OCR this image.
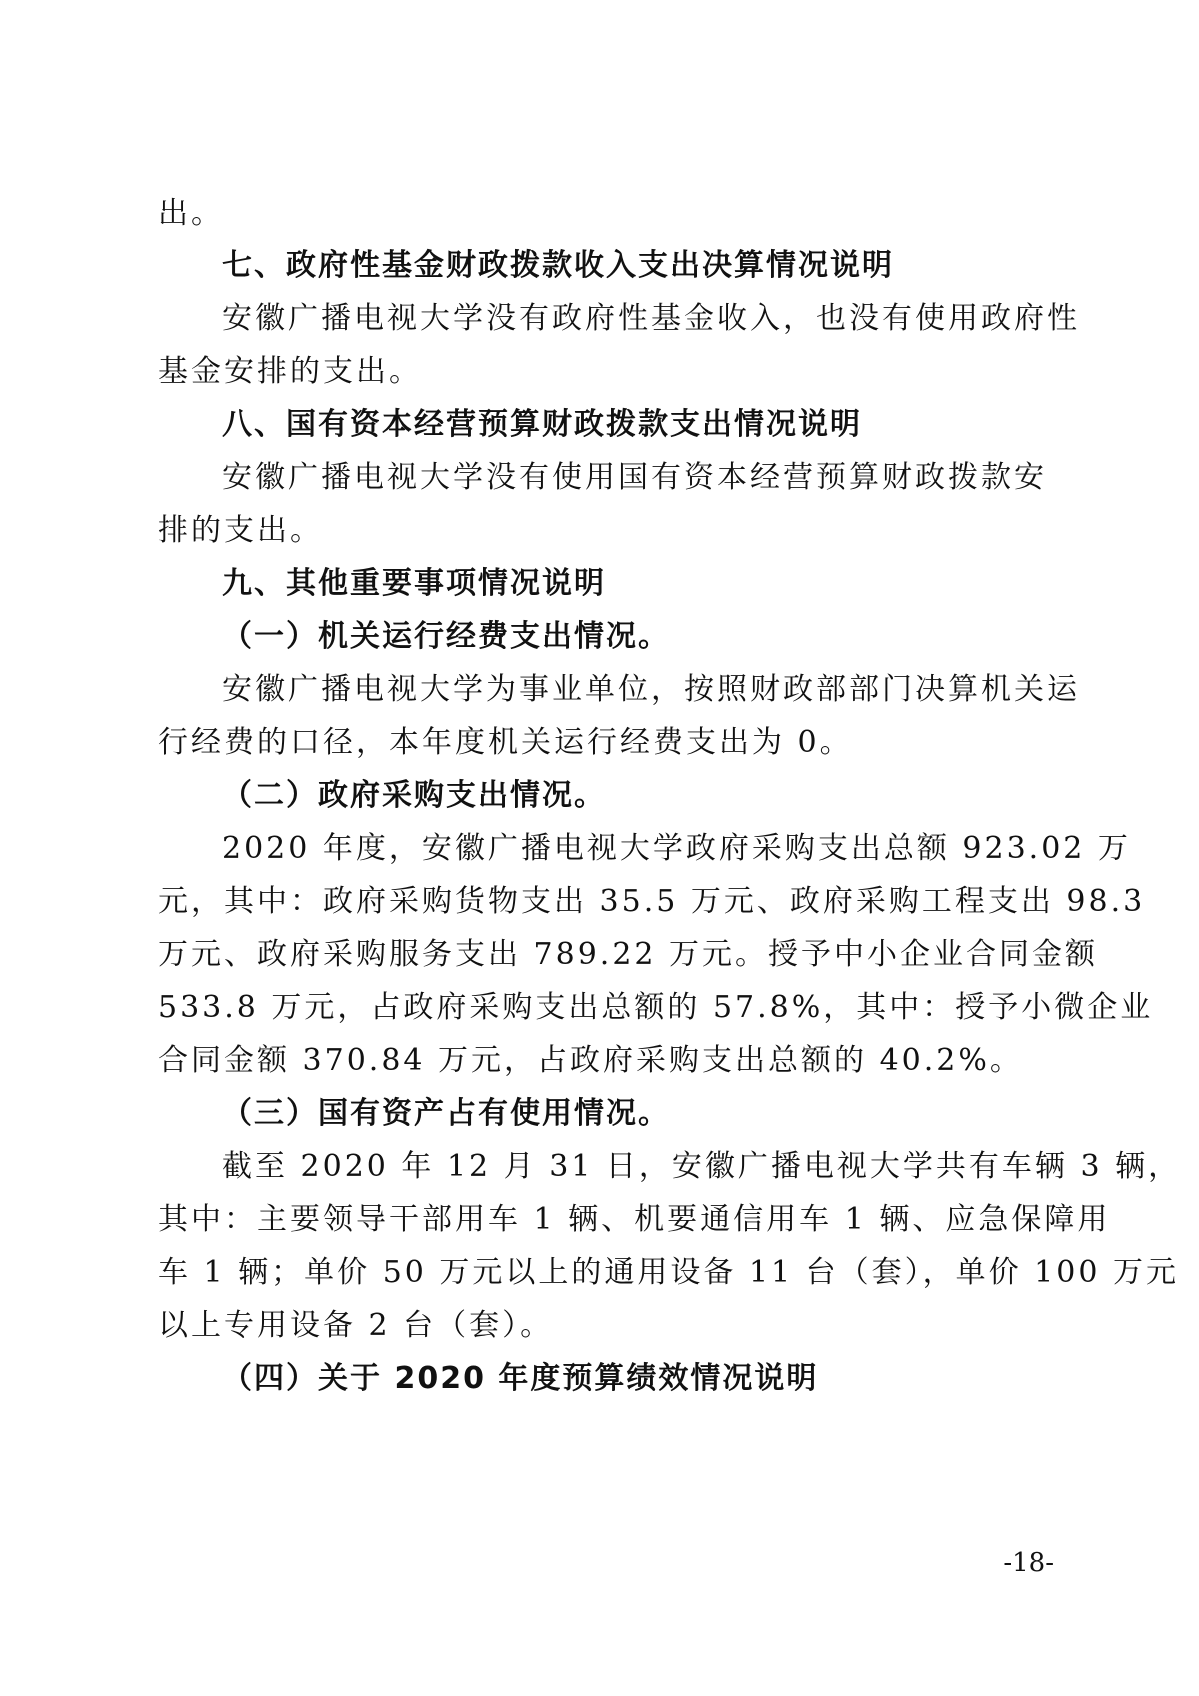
出。
七、政府性基金财政拨款收入支出决算情况说明
安徽广播电视大学没有政府性基金收入，也没有使用政府性
基金安排的支出。
八、国有资本经营预算财政拨款支出情况说明
安徽广播电视大学没有使用国有资本经营预算财政拨款安
排的支出。
九、其他重要事项情况说明
（一）机关运行经费支出情况。
安徽广播电视大学为事业单位，按照财政部部门决算机关运
行经费的口径，本年度机关运行经费支出为 0。
（二）政府采购支出情况。
2020 年度，安徽广播电视大学政府采购支出总额 923.02 万
元，其中：政府采购货物支出 35.5 万元、政府采购工程支出 98.3
万元、政府采购服务支出 789.22 万元。授予中小企业合同金额
533.8 万元，占政府采购支出总额的 57.8%，其中：授予小微企业
合同金额 370.84 万元，占政府采购支出总额的 40.2%。
（三）国有资产占有使用情况。
截至 2020 年 12 月 31 日，安徽广播电视大学共有车辆 3 辆，
其中：主要领导干部用车 1 辆、机要通信用车 1 辆、应急保障用
车 1 辆；单价 50 万元以上的通用设备 11 台（套），单价 100 万元
以上专用设备 2 台（套）。
（四）关于 2020 年度预算绩效情况说明
-18-
